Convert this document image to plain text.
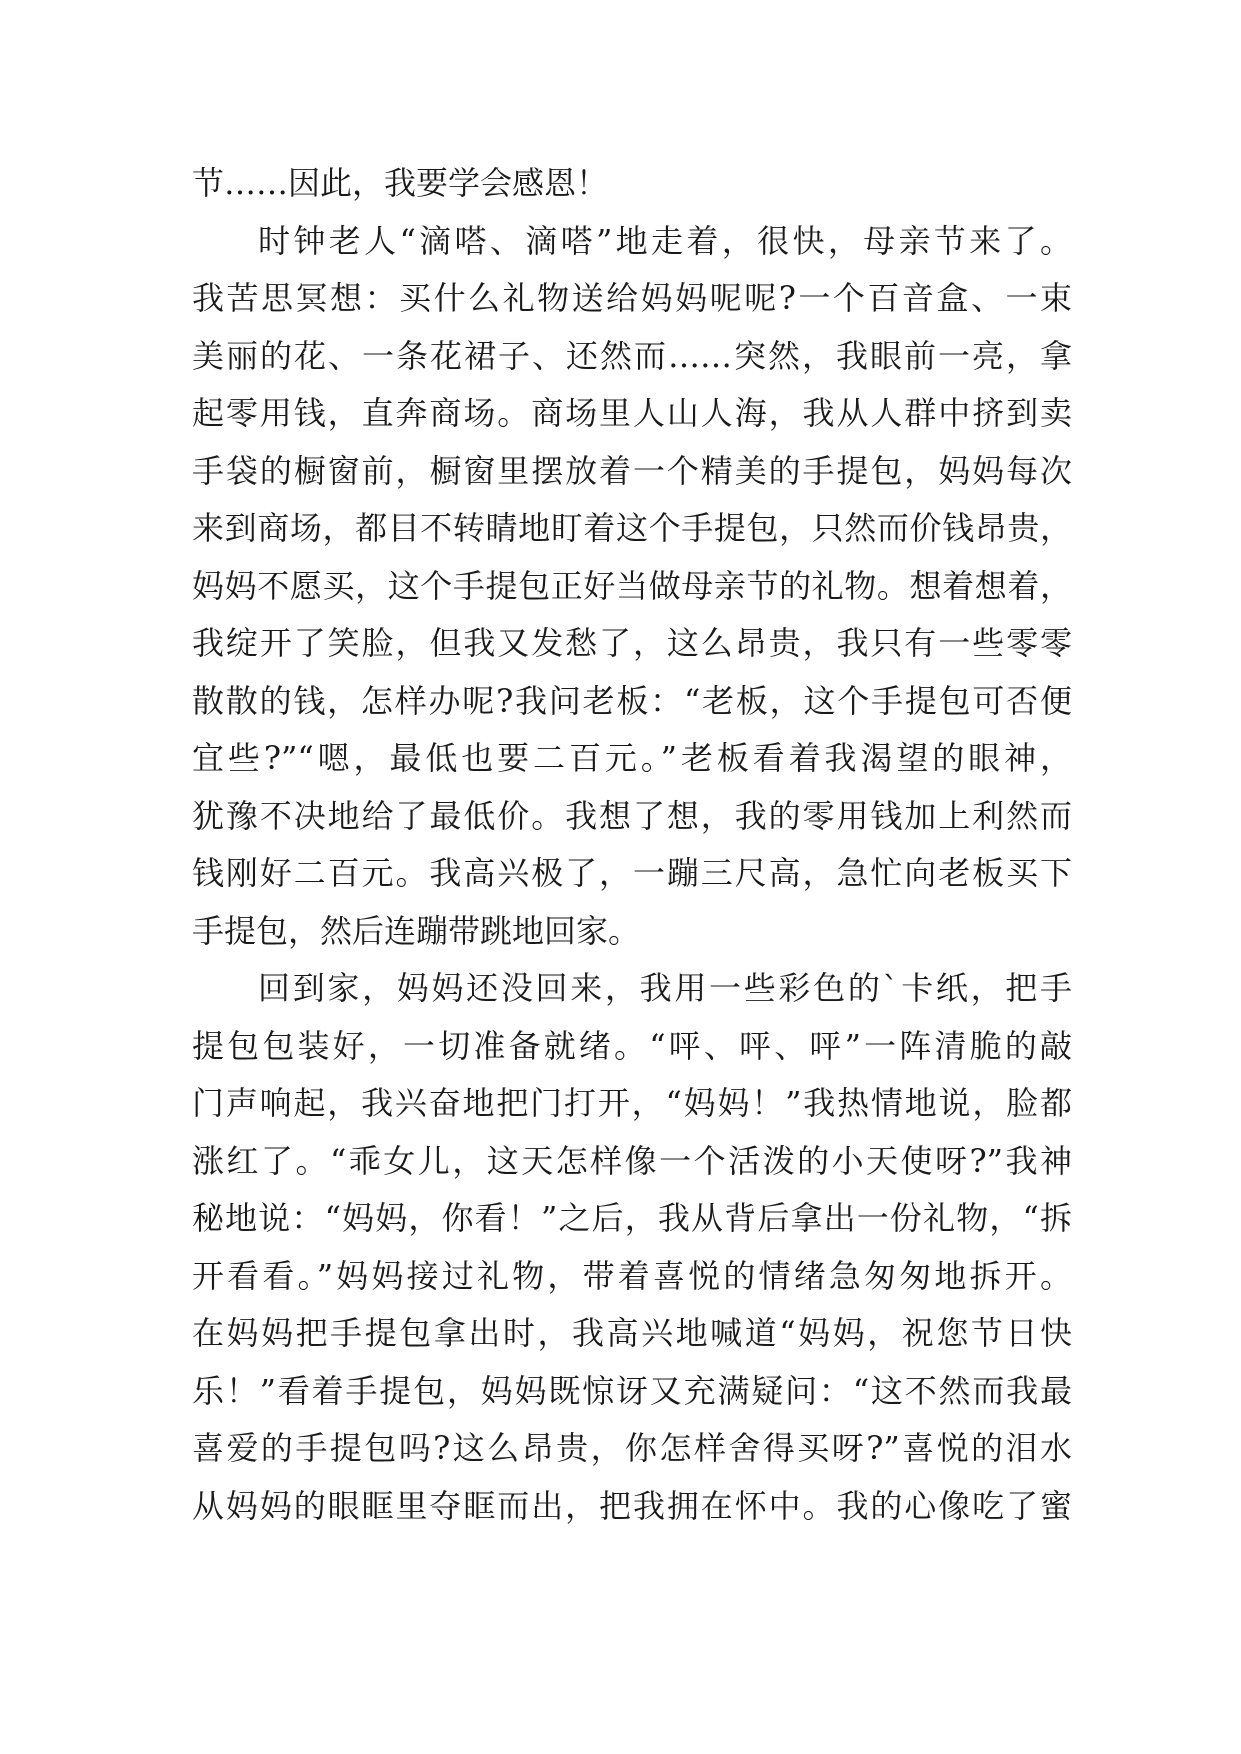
节……因此，我要学会感恩！
时钟老人“滴嗒、滴嗒”地走着，很快，母亲节来了。
我苦思冥想：买什么礼物送给妈妈呢呢?一个百音盒、一束
美丽的花、一条花裙子、还然而……突然，我眼前一亮，拿
起零用钱，直奔商场。商场里人山人海，我从人群中挤到卖
手袋的橱窗前，橱窗里摆放着一个精美的手提包，妈妈每次
来到商场，都目不转睛地盯着这个手提包，只然而价钱昂贵，
妈妈不愿买，这个手提包正好当做母亲节的礼物。想着想着，
我绽开了笑脸，但我又发愁了，这么昂贵，我只有一些零零
散散的钱，怎样办呢?我问老板：“老板，这个手提包可否便
宜些?”“嗯，最低也要二百元。”老板看着我渴望的眼神，
犹豫不决地给了最低价。我想了想，我的零用钱加上利然而
钱刚好二百元。我高兴极了，一蹦三尺高，急忙向老板买下
手提包，然后连蹦带跳地回家。
回到家，妈妈还没回来，我用一些彩色的`卡纸，把手
提包包装好，一切准备就绪。“呯、呯、呯”一阵清脆的敲
门声响起，我兴奋地把门打开，“妈妈！”我热情地说，脸都
涨红了。“乖女儿，这天怎样像一个活泼的小天使呀?”我神
秘地说：“妈妈，你看！”之后，我从背后拿出一份礼物，“拆
开看看。”妈妈接过礼物，带着喜悦的情绪急匆匆地拆开。
在妈妈把手提包拿出时，我高兴地喊道“妈妈，祝您节日快
乐！”看着手提包，妈妈既惊讶又充满疑问：“这不然而我最
喜爱的手提包吗?这么昂贵，你怎样舍得买呀?”喜悦的泪水
从妈妈的眼眶里夺眶而出，把我拥在怀中。我的心像吃了蜜
